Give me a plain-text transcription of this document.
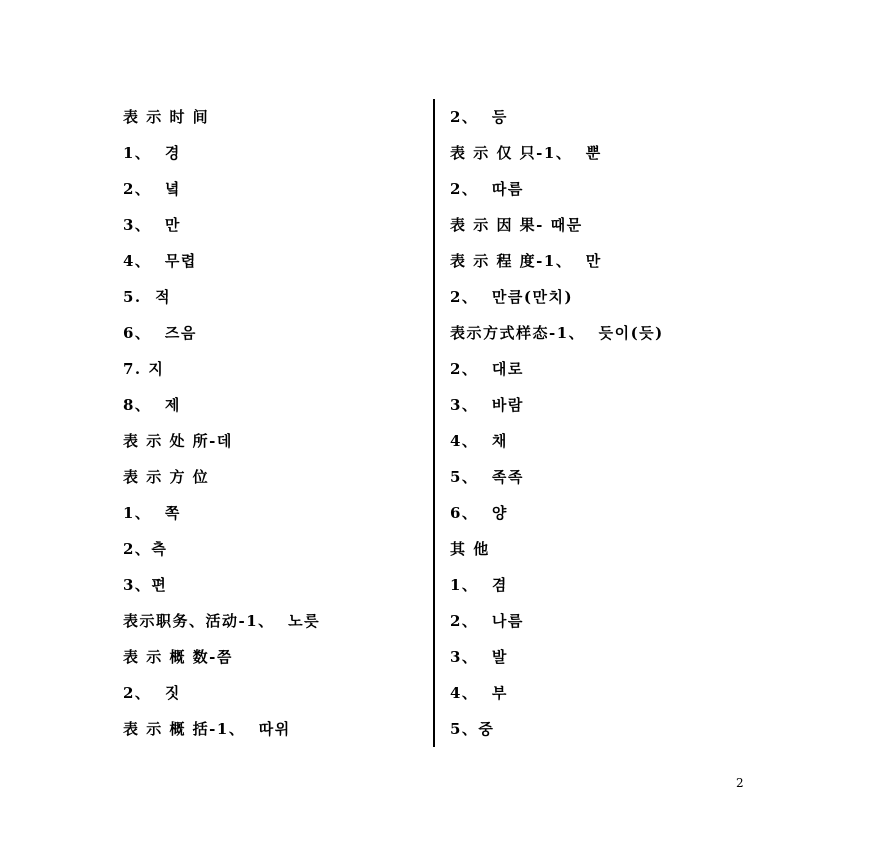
表 示 时 间
1、  경
2、  녘
3、  만
4、  무렵
5.  적
6、  즈음
7. 지
8、  제
表 示 处 所-데
表 示 方 位
1、  쪽
2、측
3、편
表示职务、活动-1、  노릇
表 示 概 数-쯤
2、  짓
表 示 概 括-1、  따위
2、  등
表 示 仅 只-1、  뿐
2、  따름
表 示 因 果- 때문
表 示 程 度-1、  만
2、  만큼(만치)
表示方式样态-1、  듯이(듯)
2、  대로
3、  바람
4、  채
5、  족족
6、  양
其 他
1、  겸
2、  나름
3、  발
4、  부
5、중
2
